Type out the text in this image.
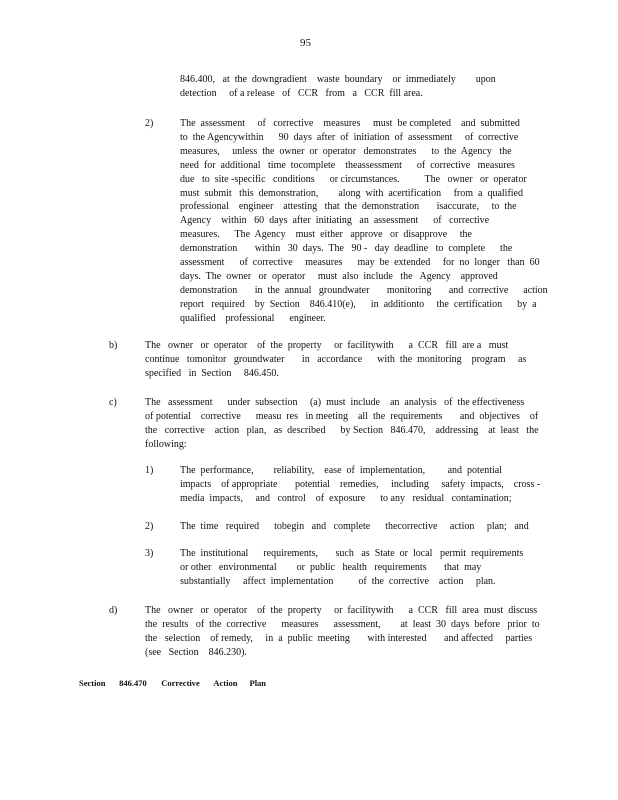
95
846.400,   at  the  downgradient    waste  boundary    or  immediately        upon
detection     of a release   of   CCR   from   a   CCR  fill area.
2)	The  assessment     of   corrective    measures     must  be completed    and  submitted
to  the Agencywithin      90  days  after  of  initiation  of  assessment     of  corrective
measures,     unless  the  owner  or  operator   demonstrates      to  the  Agency   the
need  for  additional   time  tocomplete    theassessment      of  corrective   measures
due   to  site -specific   conditions      or circumstances.          The   owner   or  operator
must  submit   this  demonstration,        along  with  acertification     from  a  qualified
professional    engineer    attesting   that  the  demonstration       isaccurate,     to  the
Agency    within   60  days  after  initiating   an  assessment      of   corrective
measures.      The  Agency    must  either   approve   or  disapprove     the
demonstration       within   30  days.  The   90 -   day  deadline   to  complete      the
assessment      of  corrective     measures      may  be  extended     for  no  longer   than  60
days.  The  owner   or  operator     must  also  include   the   Agency    approved
demonstration       in  the  annual   groundwater       monitoring       and  corrective      action
report   required    by  Section    846.410(e),      in  additionto     the  certification      by  a
qualified    professional      engineer.
b)	The   owner   or  operator    of  the  property     or  facilitywith      a  CCR   fill  are a   must
continue   tomonitor   groundwater       in   accordance      with  the  monitoring    program     as
specified   in  Section     846.450.
c)	The   assessment      under  subsection     (a)  must  include    an  analysis   of  the effectiveness
of potential    corrective      measu  res   in meeting    all  the  requirements       and  objectives    of
the   corrective    action   plan,   as  described      by Section   846.470,    addressing    at  least   the
following:
1)	The  performance,        reliability,    ease  of  implementation,         and  potential
impacts    of appropriate       potential    remedies,     including     safety  impacts,    cross -
media  impacts,     and   control    of  exposure      to any   residual   contamination;
2)	The  time   required      tobegin   and   complete      thecorrective     action     plan;   and
3)	The  institutional      requirements,       such   as  State  or  local   permit  requirements
or other   environmental        or  public   health   requirements       that  may
substantially     affect  implementation          of  the  corrective    action     plan.
d)	The   owner   or  operator    of  the  property     or  facilitywith      a  CCR   fill  area  must  discuss
the  results   of  the  corrective      measures      assessment,        at  least  30  days  before   prior  to
the   selection    of remedy,     in  a  public  meeting       with interested       and affected     parties
(see   Section    846.230).
Section 846.470 Corrective Action Plan
